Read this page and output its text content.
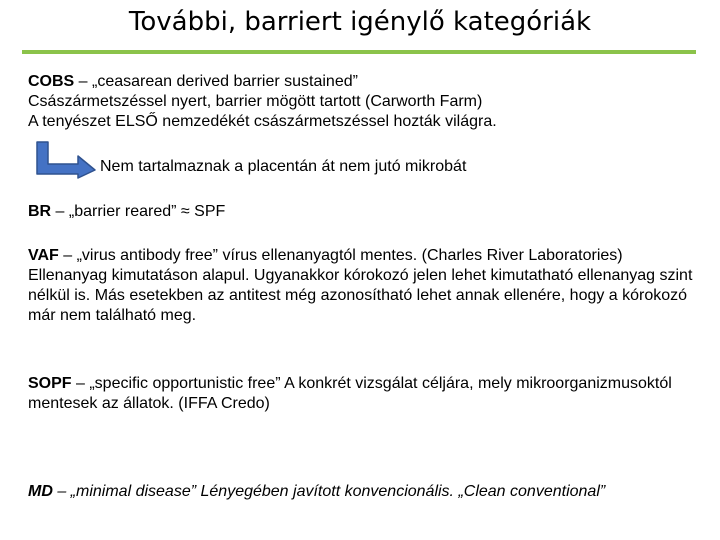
További, barriert igénylő kategóriák

COBS – „ceasarean derived barrier sustained”
Császármetszéssel nyert, barrier mögött tartott (Carworth Farm)
A tenyészet ELSŐ nemzedékét császármetszéssel hozták világra.

Nem tartalmaznak a placentán át nem jutó mikrobát

BR – „barrier reared” ≈ SPF

VAF – „virus antibody free” vírus ellenanyagtól mentes. (Charles River Laboratories)
Ellenanyag kimutatáson alapul. Ugyanakkor kórokozó jelen lehet kimutatható ellenanyag szint nélkül is. Más esetekben az antitest még azonosítható lehet annak ellenére, hogy a kórokozó már nem található meg.

SOPF – „specific opportunistic free” A konkrét vizsgálat céljára, mely mikroorganizmusoktól mentesek az állatok. (IFFA Credo)

MD – „minimal disease” Lényegében javított konvencionális. „Clean conventional”
